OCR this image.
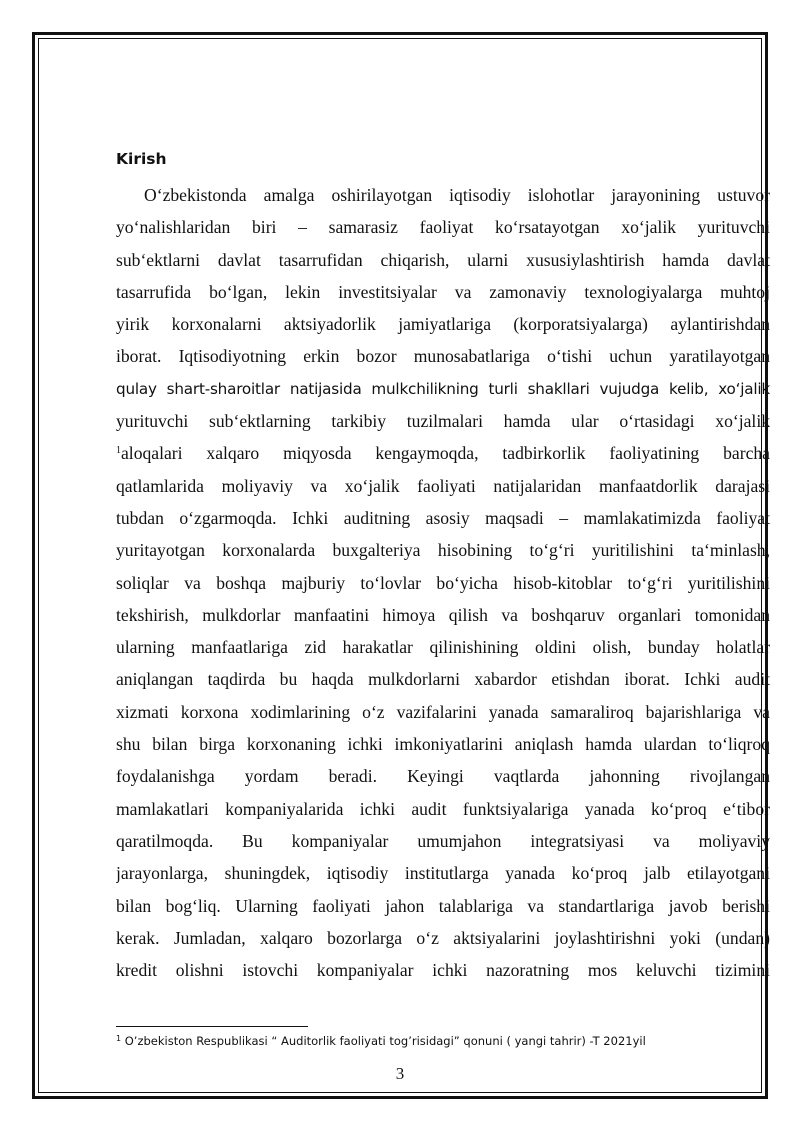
Kirish
O‘zbekistonda amalga oshirilayotgan iqtisodiy islohotlar jarayonining ustuvor
yo‘nalishlaridan biri – samarasiz faoliyat ko‘rsatayotgan xo‘jalik yurituvchi
sub‘ektlarni davlat tasarrufidan chiqarish, ularni xususiylashtirish hamda davlat
tasarrufida bo‘lgan, lekin investitsiyalar va zamonaviy texnologiyalarga muhtoj
yirik korxonalarni aktsiyadorlik jamiyatlariga (korporatsiyalarga) aylantirishdan
iborat. Iqtisodiyotning erkin bozor munosabatlariga o‘tishi uchun yaratilayotgan
qulay shart-sharoitlar natijasida mulkchilikning turli shakllari vujudga kelib, xo‘jalik
yurituvchi sub‘ektlarning tarkibiy tuzilmalari hamda ular o‘rtasidagi xo‘jalik
$^1$aloqalari xalqaro miqyosda kengaymoqda, tadbirkorlik faoliyatining barcha
qatlamlarida moliyaviy va xo‘jalik faoliyati natijalaridan manfaatdorlik darajasi
tubdan o‘zgarmoqda. Ichki auditning asosiy maqsadi – mamlakatimizda faoliyat
yuritayotgan korxonalarda buxgalteriya hisobining to‘g‘ri yuritilishini ta‘minlash,
soliqlar va boshqa majburiy to‘lovlar bo‘yicha hisob-kitoblar to‘g‘ri yuritilishini
tekshirish, mulkdorlar manfaatini himoya qilish va boshqaruv organlari tomonidan
ularning manfaatlariga zid harakatlar qilinishining oldini olish, bunday holatlar
aniqlangan taqdirda bu haqda mulkdorlarni xabardor etishdan iborat. Ichki audit
xizmati korxona xodimlarining o‘z vazifalarini yanada samaraliroq bajarishlariga va
shu bilan birga korxonaning ichki imkoniyatlarini aniqlash hamda ulardan to‘liqroq
foydalanishga yordam beradi. Keyingi vaqtlarda jahonning rivojlangan
mamlakatlari kompaniyalarida ichki audit funktsiyalariga yanada ko‘proq e‘tibor
qaratilmoqda. Bu kompaniyalar umumjahon integratsiyasi va moliyaviy
jarayonlarga, shuningdek, iqtisodiy institutlarga yanada ko‘proq jalb etilayotgani
bilan bog‘liq. Ularning faoliyati jahon talablariga va standartlariga javob berishi
kerak. Jumladan, xalqaro bozorlarga o‘z aktsiyalarini joylashtirishni yoki (undan)
kredit olishni istovchi kompaniyalar ichki nazoratning mos keluvchi tizimini
$^1$ O’zbekiston Respublikasi “ Auditorlik faoliyati tog’risidagi” qonuni ( yangi tahrir) -T 2021yil
3
